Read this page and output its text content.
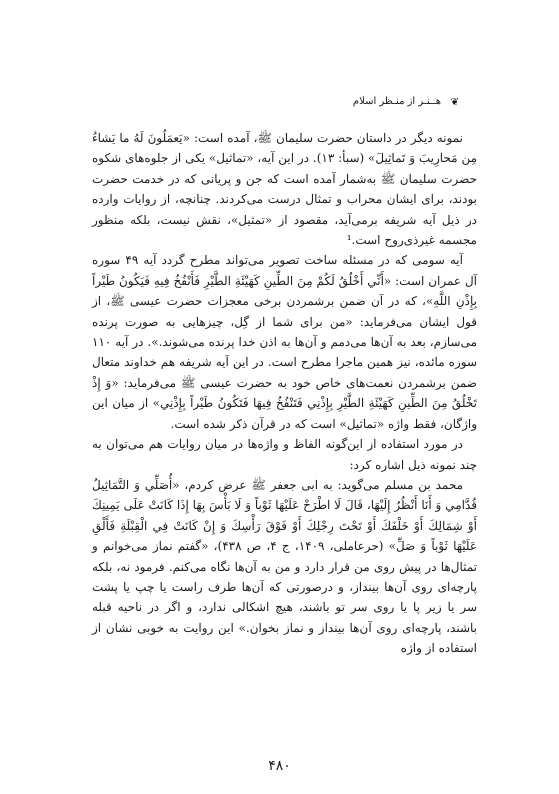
هـ‌ـنـر از منـظر اسلام ❦

نمونه دیگر در داستان حضرت سلیمان ﷺ، آمده است: «یَعمَلُونَ لَهُ ما یَشاءُ مِن مَحارِیبَ وَ تَماثِیلَ» (سبأ: ۱۳). در این آیه، «تماثیل» یکی از جلوه‌های شکوه حضرت سلیمان ﷺ به‌شمار آمده است که جن و پریانی که در خدمت حضرت بودند، برای ایشان محراب و تمثال درست می‌کردند. چنانچه، از روایات وارده در ذیل آیه شریفه برمی‌آید، مقصود از «تمثیل»، نقش نیست، بلکه منظور مجسمه غیرذی‌روح است.¹

آیه سومی که در مسئله ساخت تصویر می‌تواند مطرح گردد آیه ۴۹ سوره آل عمران است: «أَنِّي أَخْلُقُ لَكُمْ مِنَ الطِّينِ كَهَيْئَةِ الطَّيْرِ فَأَنْفُخُ فِيهِ فَيَكُونُ طَيْراً بِإِذْنِ اللَّهِ»، که در آن ضمن برشمردن برخی معجزات حضرت عیسی ﷺ، از قول ایشان می‌فرماید: «من برای شما از گِل، چیزهایی به صورت پرنده می‌سازم، بعد به آن‌ها می‌دمم و آن‌ها به اذن خدا پرنده می‌شوند.». در آیه ۱۱۰ سوره مائده، نیز همین ماجرا مطرح است. در این آیه شریفه هم خداوند متعال ضمن برشمردن نعمت‌های خاص خود به حضرت عیسی ﷺ می‌فرماید: «وَ إِذْ تَخْلُقُ مِنَ الطِّينِ كَهَيْئَةِ الطَّيْرِ بِإِذْنِي فَتَنْفُخُ فِيهَا فَتَكُونُ طَيْراً بِإِذْنِي» از میان این واژگان، فقط واژه «تماثیل» است که در قرآن ذکر شده است.

در مورد استفاده از این‌گونه الفاظ و واژه‌ها در میان روایات هم می‌توان به چند نمونه ذیل اشاره کرد:

محمد بن مسلم می‌گوید: به ابی جعفر ﷺ عرض کردم، «أُصَلِّي وَ التَّمَاثِيلُ قُدَّامِي وَ أَنَا أَنْظُرُ إِلَيْهَا، قَالَ لَا اطْرَحْ عَلَيْهَا ثَوْباً وَ لَا بَأْسَ بِهَا إِذَا كَانَتْ عَلَى يَمِينِكَ أَوْ شِمَالِكَ أَوْ خَلْفَكَ أَوْ تَحْتَ رِجْلِكَ أَوْ فَوْقَ رَأْسِكَ وَ إِنْ كَانَتْ فِي الْقِبْلَةِ فَأَلْقِ عَلَيْهَا ثَوْباً وَ صَلِّ» (حرعاملی، ۱۴۰۹، ج ۴، ص ۴۳۸)، «گفتم نماز می‌خوانم و تمثال‌ها در پیش روی من قرار دارد و من به آن‌ها نگاه می‌کنم. فرمود نه، بلکه پارچه‌ای روی آن‌ها بینداز، و درصورتی که آن‌ها طرف راست یا چپ یا پشت سر یا زیر پا یا روی سر تو باشند، هیچ اشکالی ندارد، و اگر در ناحیه قبله باشند، پارچه‌ای روی آن‌ها بینداز و نماز بخوان.» این روایت به خوبی نشان از استفاده از واژه

۴۸۰
